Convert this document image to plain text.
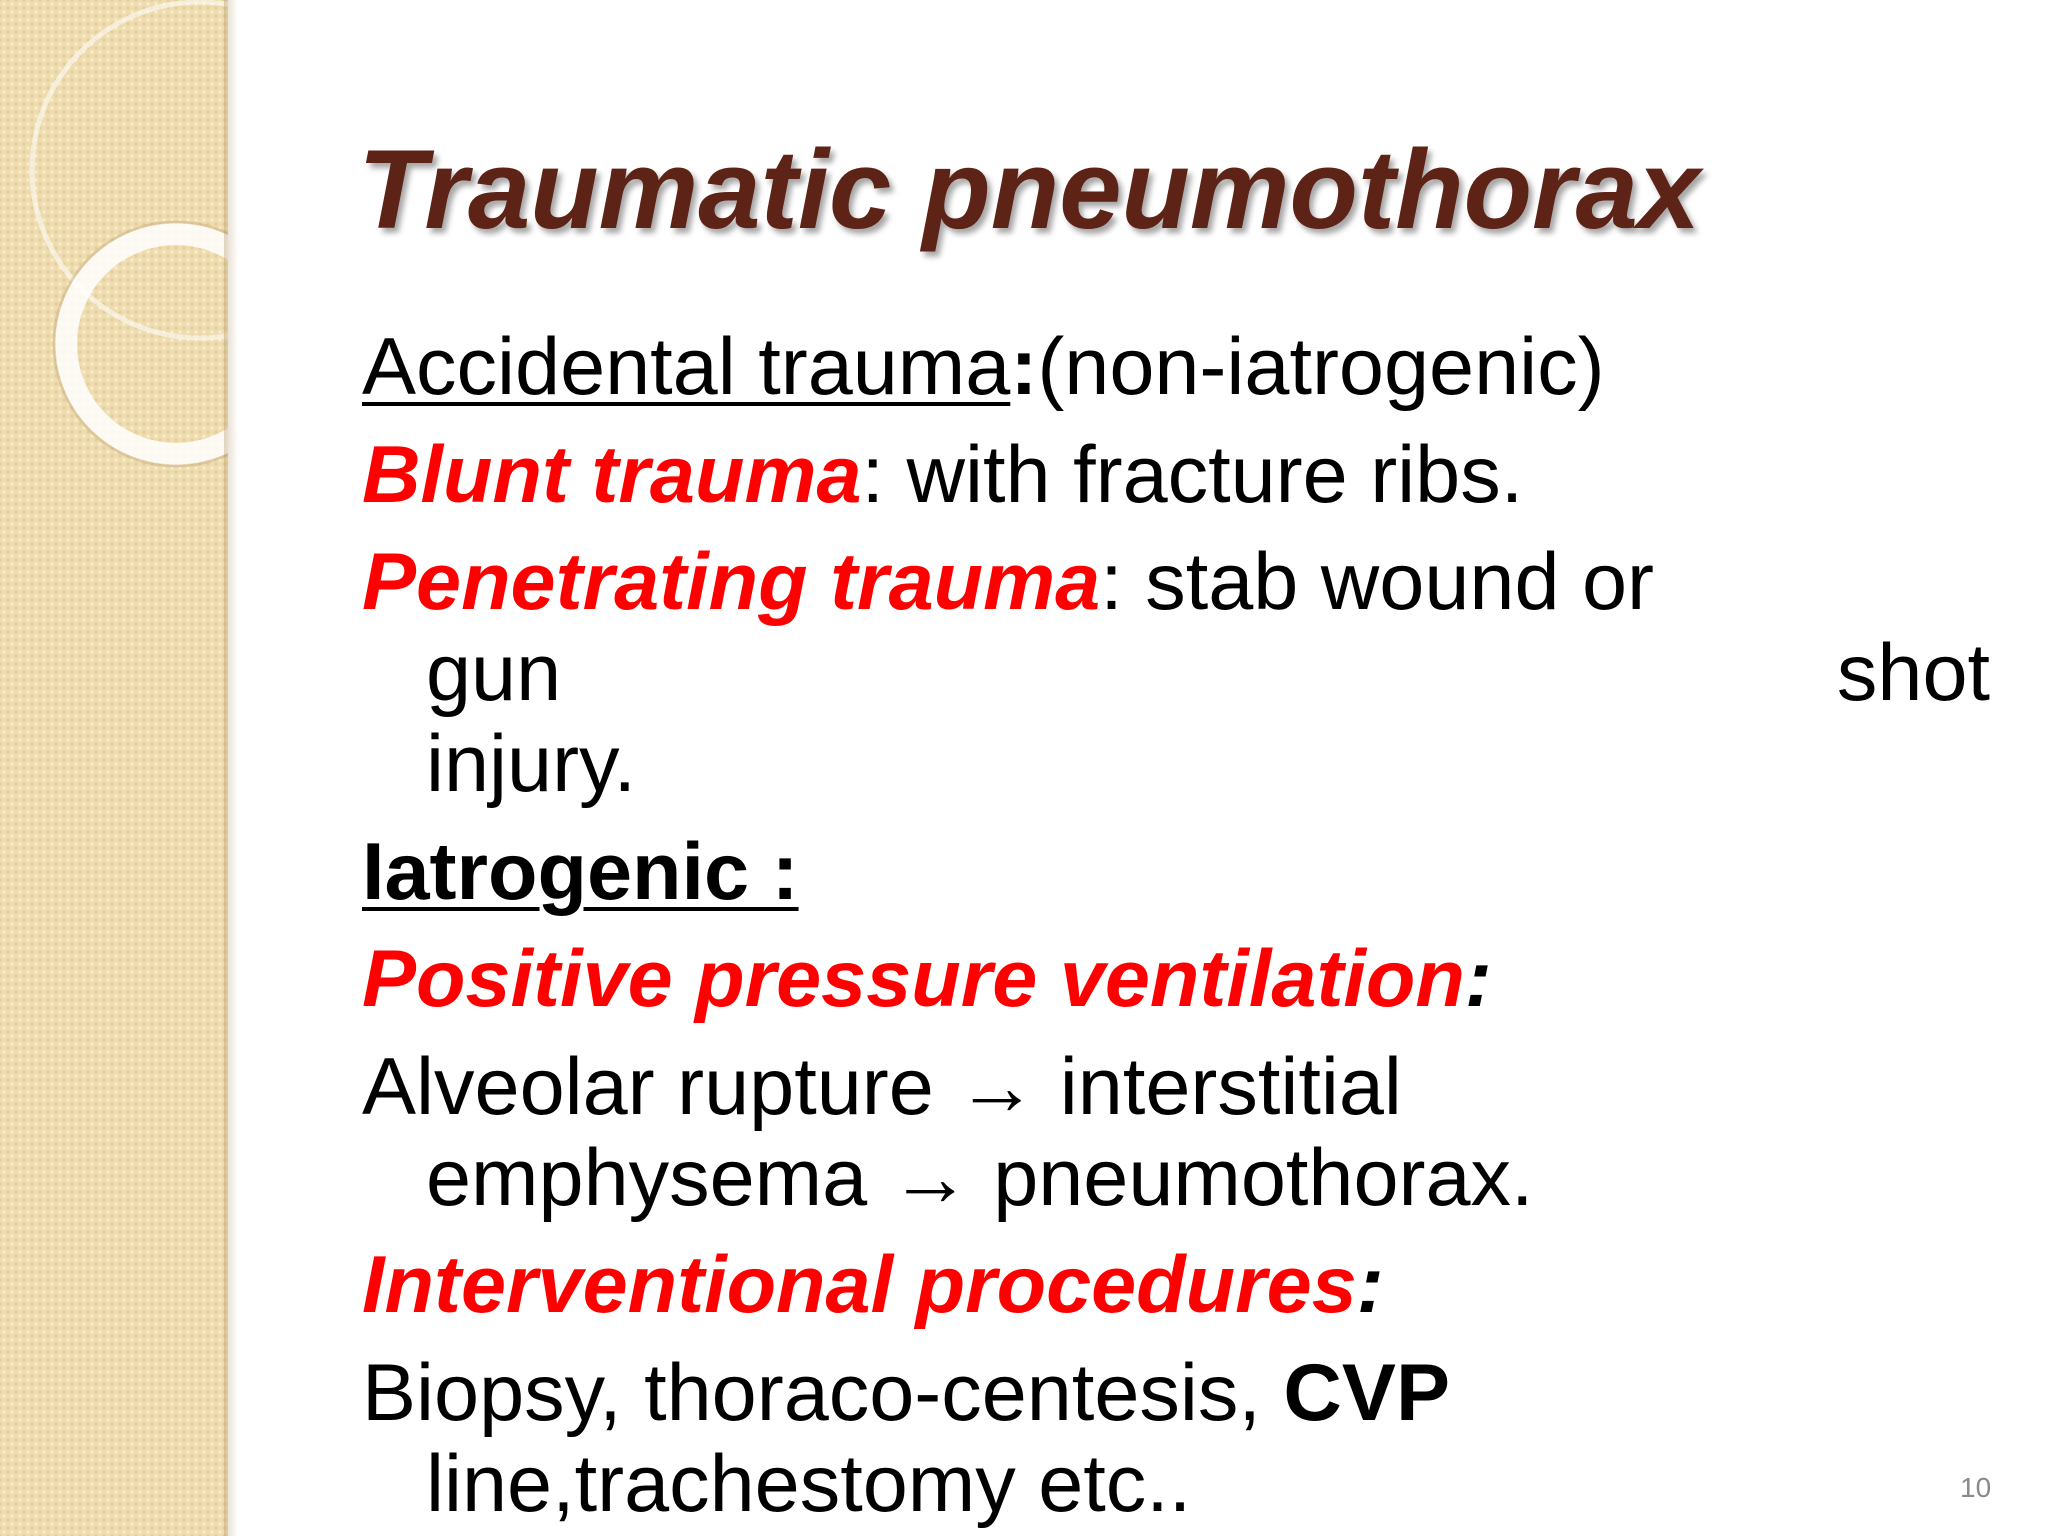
Traumatic pneumothorax
Accidental trauma:(non-iatrogenic)
Blunt trauma: with fracture ribs.
Penetrating trauma: stab wound or
gun	shot
injury.
Iatrogenic :
Positive pressure ventilation:
Alveolar rupture → interstitial
emphysema → pneumothorax.
Interventional procedures:
Biopsy, thoraco-centesis, CVP
line,trachestomy etc..	10
